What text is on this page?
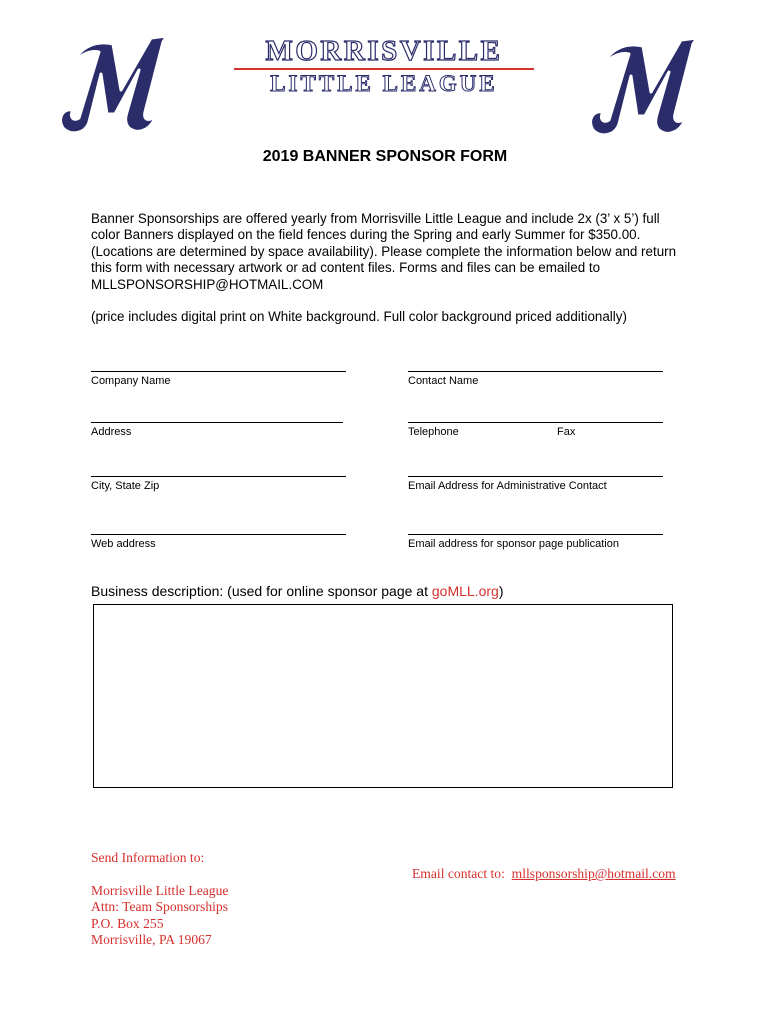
MORRISVILLE
LITTLE LEAGUE
2019 BANNER SPONSOR FORM
Banner Sponsorships are offered yearly from Morrisville Little League and include 2x (3’ x 5’) full color Banners displayed on the field fences during the Spring and early Summer for $350.00. (Locations are determined by space availability). Please complete the information below and return this form with necessary artwork or ad content files. Forms and files can be emailed to MLLSPONSORSHIP@HOTMAIL.COM
(price includes digital print on White background. Full color background priced additionally)
Company Name	Contact Name
Address	Telephone	Fax
City, State Zip	Email Address for Administrative Contact
Web address	Email address for sponsor page publication
Business description: (used for online sponsor page at goMLL.org)
Send Information to:
Morrisville Little League
Attn: Team Sponsorships
P.O. Box 255
Morrisville, PA 19067
Email contact to:  mllsponsorship@hotmail.com
